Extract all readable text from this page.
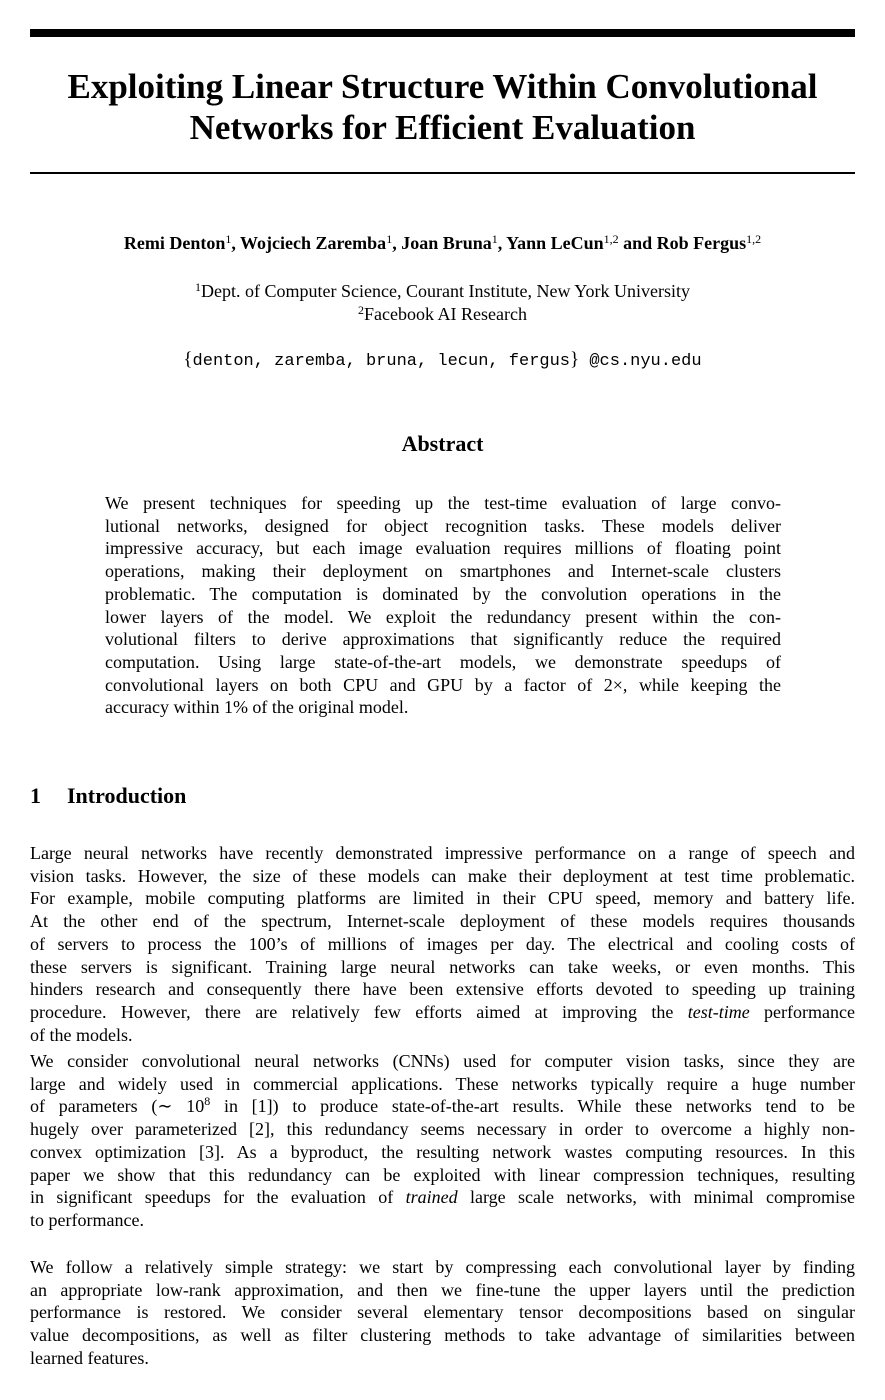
Exploiting Linear Structure Within Convolutional
Networks for Efficient Evaluation
Remi Denton$^1$, Wojciech Zaremba$^1$, Joan Bruna$^1$, Yann LeCun$^{1,2}$ and Rob Fergus$^{1,2}$
$^1$Dept. of Computer Science, Courant Institute, New York University
$^2$Facebook AI Research
{denton, zaremba, bruna, lecun, fergus} @cs.nyu.edu
Abstract
We present techniques for speeding up the test-time evaluation of large convo-
lutional networks, designed for object recognition tasks. These models deliver
impressive accuracy, but each image evaluation requires millions of floating point
operations, making their deployment on smartphones and Internet-scale clusters
problematic. The computation is dominated by the convolution operations in the
lower layers of the model. We exploit the redundancy present within the con-
volutional filters to derive approximations that significantly reduce the required
computation. Using large state-of-the-art models, we demonstrate speedups of
convolutional layers on both CPU and GPU by a factor of 2×, while keeping the
accuracy within 1% of the original model.
1 Introduction
Large neural networks have recently demonstrated impressive performance on a range of speech and
vision tasks. However, the size of these models can make their deployment at test time problematic.
For example, mobile computing platforms are limited in their CPU speed, memory and battery life.
At the other end of the spectrum, Internet-scale deployment of these models requires thousands
of servers to process the 100’s of millions of images per day. The electrical and cooling costs of
these servers is significant. Training large neural networks can take weeks, or even months. This
hinders research and consequently there have been extensive efforts devoted to speeding up training
procedure. However, there are relatively few efforts aimed at improving the test-time performance
of the models.
We consider convolutional neural networks (CNNs) used for computer vision tasks, since they are
large and widely used in commercial applications. These networks typically require a huge number
of parameters (∼ $10^8$ in [1]) to produce state-of-the-art results. While these networks tend to be
hugely over parameterized [2], this redundancy seems necessary in order to overcome a highly non-
convex optimization [3]. As a byproduct, the resulting network wastes computing resources. In this
paper we show that this redundancy can be exploited with linear compression techniques, resulting
in significant speedups for the evaluation of trained large scale networks, with minimal compromise
to performance.
We follow a relatively simple strategy: we start by compressing each convolutional layer by finding
an appropriate low-rank approximation, and then we fine-tune the upper layers until the prediction
performance is restored. We consider several elementary tensor decompositions based on singular
value decompositions, as well as filter clustering methods to take advantage of similarities between
learned features.
